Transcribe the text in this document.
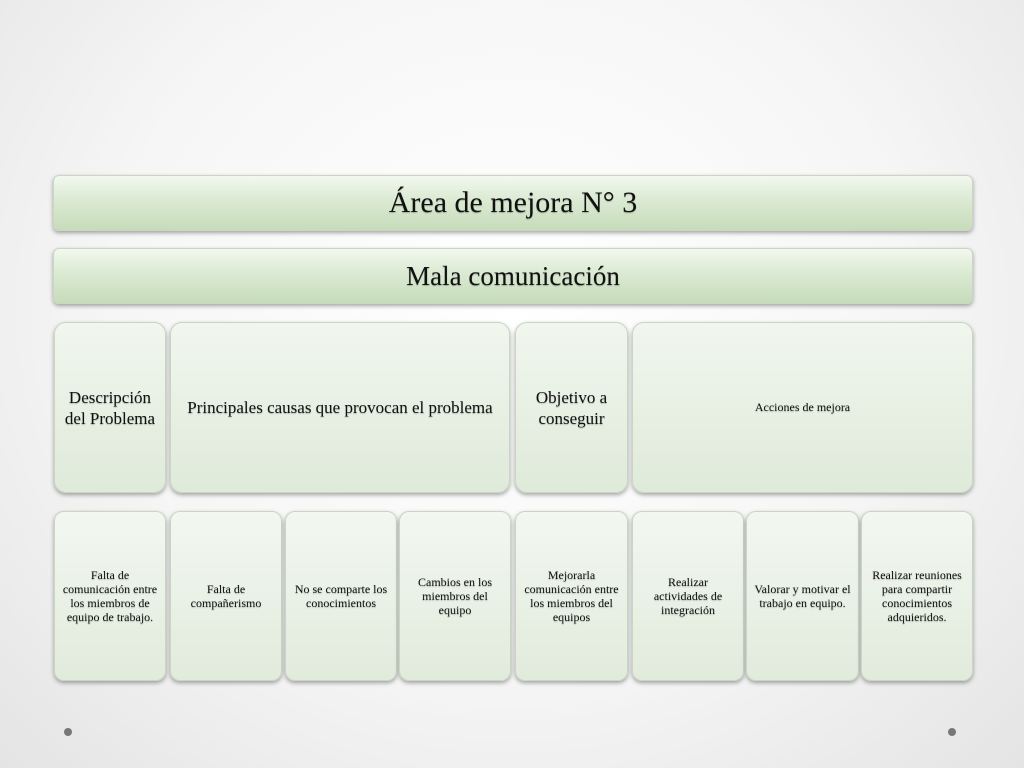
Área de mejora N° 3
Mala comunicación
Descripción del Problema
Principales causas que provocan el problema
Objetivo a conseguir
Acciones de mejora
Falta de comunicación entre los miembros de equipo de trabajo.
Falta de compañerismo
No se comparte los conocimientos
Cambios en los miembros del equipo
Mejorarla comunicación entre los miembros del equipos
Realizar actividades de integración
Valorar y motivar el trabajo en equipo.
Realizar reuniones para compartir conocimientos adquieridos.
